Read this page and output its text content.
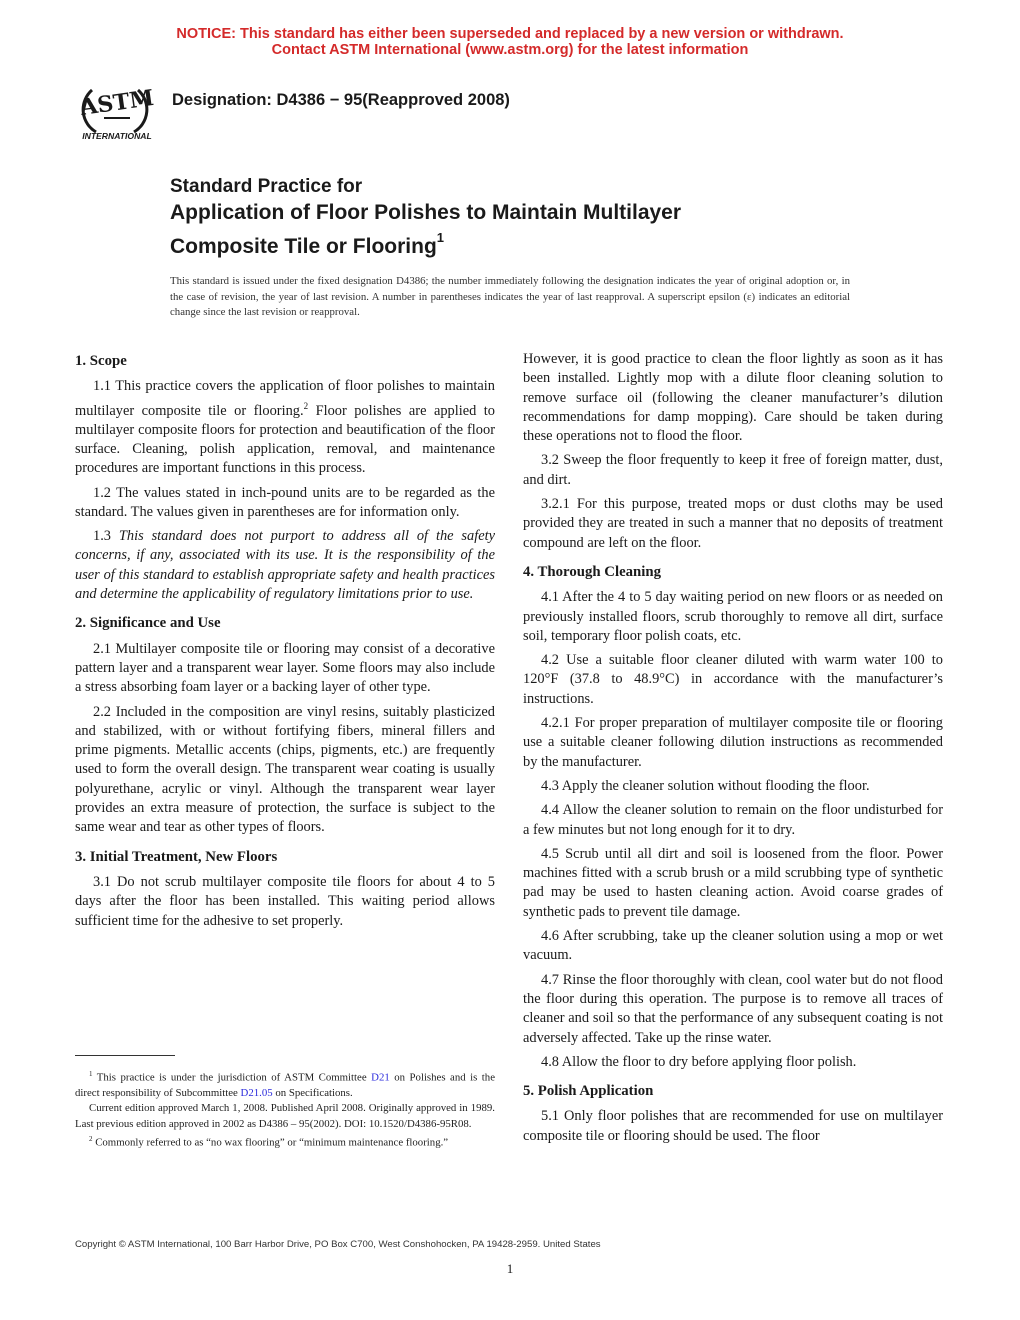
NOTICE: This standard has either been superseded and replaced by a new version or withdrawn.
Contact ASTM International (www.astm.org) for the latest information
ASTM
INTERNATIONAL
Designation: D4386 − 95(Reapproved 2008)
Standard Practice for
Application of Floor Polishes to Maintain Multilayer
Composite Tile or Flooring$^1$
This standard is issued under the fixed designation D4386; the number immediately following the designation indicates the year of original adoption or, in the case of revision, the year of last revision. A number in parentheses indicates the year of last reapproval. A superscript epsilon (ε) indicates an editorial change since the last revision or reapproval.
1. Scope

1.1 This practice covers the application of floor polishes to maintain multilayer composite tile or flooring.$^2$ Floor polishes are applied to multilayer composite floors for protection and beautification of the floor surface. Cleaning, polish application, removal, and maintenance procedures are important functions in this process.

1.2 The values stated in inch-pound units are to be regarded as the standard. The values given in parentheses are for information only.

1.3 This standard does not purport to address all of the safety concerns, if any, associated with its use. It is the responsibility of the user of this standard to establish appropriate safety and health practices and determine the applicability of regulatory limitations prior to use.

2. Significance and Use

2.1 Multilayer composite tile or flooring may consist of a decorative pattern layer and a transparent wear layer. Some floors may also include a stress absorbing foam layer or a backing layer of other type.

2.2 Included in the composition are vinyl resins, suitably plasticized and stabilized, with or without fortifying fibers, mineral fillers and prime pigments. Metallic accents (chips, pigments, etc.) are frequently used to form the overall design. The transparent wear coating is usually polyurethane, acrylic or vinyl. Although the transparent wear layer provides an extra measure of protection, the surface is subject to the same wear and tear as other types of floors.

3. Initial Treatment, New Floors

3.1 Do not scrub multilayer composite tile floors for about 4 to 5 days after the floor has been installed. This waiting period allows sufficient time for the adhesive to set properly.

$^1$ This practice is under the jurisdiction of ASTM Committee D21 on Polishes and is the direct responsibility of Subcommittee D21.05 on Specifications.

Current edition approved March 1, 2008. Published April 2008. Originally approved in 1989. Last previous edition approved in 2002 as D4386 – 95(2002). DOI: 10.1520/D4386-95R08.

$^2$ Commonly referred to as “no wax flooring” or “minimum maintenance flooring.”

However, it is good practice to clean the floor lightly as soon as it has been installed. Lightly mop with a dilute floor cleaning solution to remove surface oil (following the cleaner manufacturer’s dilution recommendations for damp mopping). Care should be taken during these operations not to flood the floor.

3.2 Sweep the floor frequently to keep it free of foreign matter, dust, and dirt.

3.2.1 For this purpose, treated mops or dust cloths may be used provided they are treated in such a manner that no deposits of treatment compound are left on the floor.

4. Thorough Cleaning

4.1 After the 4 to 5 day waiting period on new floors or as needed on previously installed floors, scrub thoroughly to remove all dirt, surface soil, temporary floor polish coats, etc.

4.2 Use a suitable floor cleaner diluted with warm water 100 to 120°F (37.8 to 48.9°C) in accordance with the manufacturer’s instructions.

4.2.1 For proper preparation of multilayer composite tile or flooring use a suitable cleaner following dilution instructions as recommended by the manufacturer.

4.3 Apply the cleaner solution without flooding the floor.

4.4 Allow the cleaner solution to remain on the floor undisturbed for a few minutes but not long enough for it to dry.

4.5 Scrub until all dirt and soil is loosened from the floor. Power machines fitted with a scrub brush or a mild scrubbing type of synthetic pad may be used to hasten cleaning action. Avoid coarse grades of synthetic pads to prevent tile damage.

4.6 After scrubbing, take up the cleaner solution using a mop or wet vacuum.

4.7 Rinse the floor thoroughly with clean, cool water but do not flood the floor during this operation. The purpose is to remove all traces of cleaner and soil so that the performance of any subsequent coating is not adversely affected. Take up the rinse water.

4.8 Allow the floor to dry before applying floor polish.

5. Polish Application

5.1 Only floor polishes that are recommended for use on multilayer composite tile or flooring should be used. The floor

Copyright © ASTM International, 100 Barr Harbor Drive, PO Box C700, West Conshohocken, PA 19428-2959. United States
1
